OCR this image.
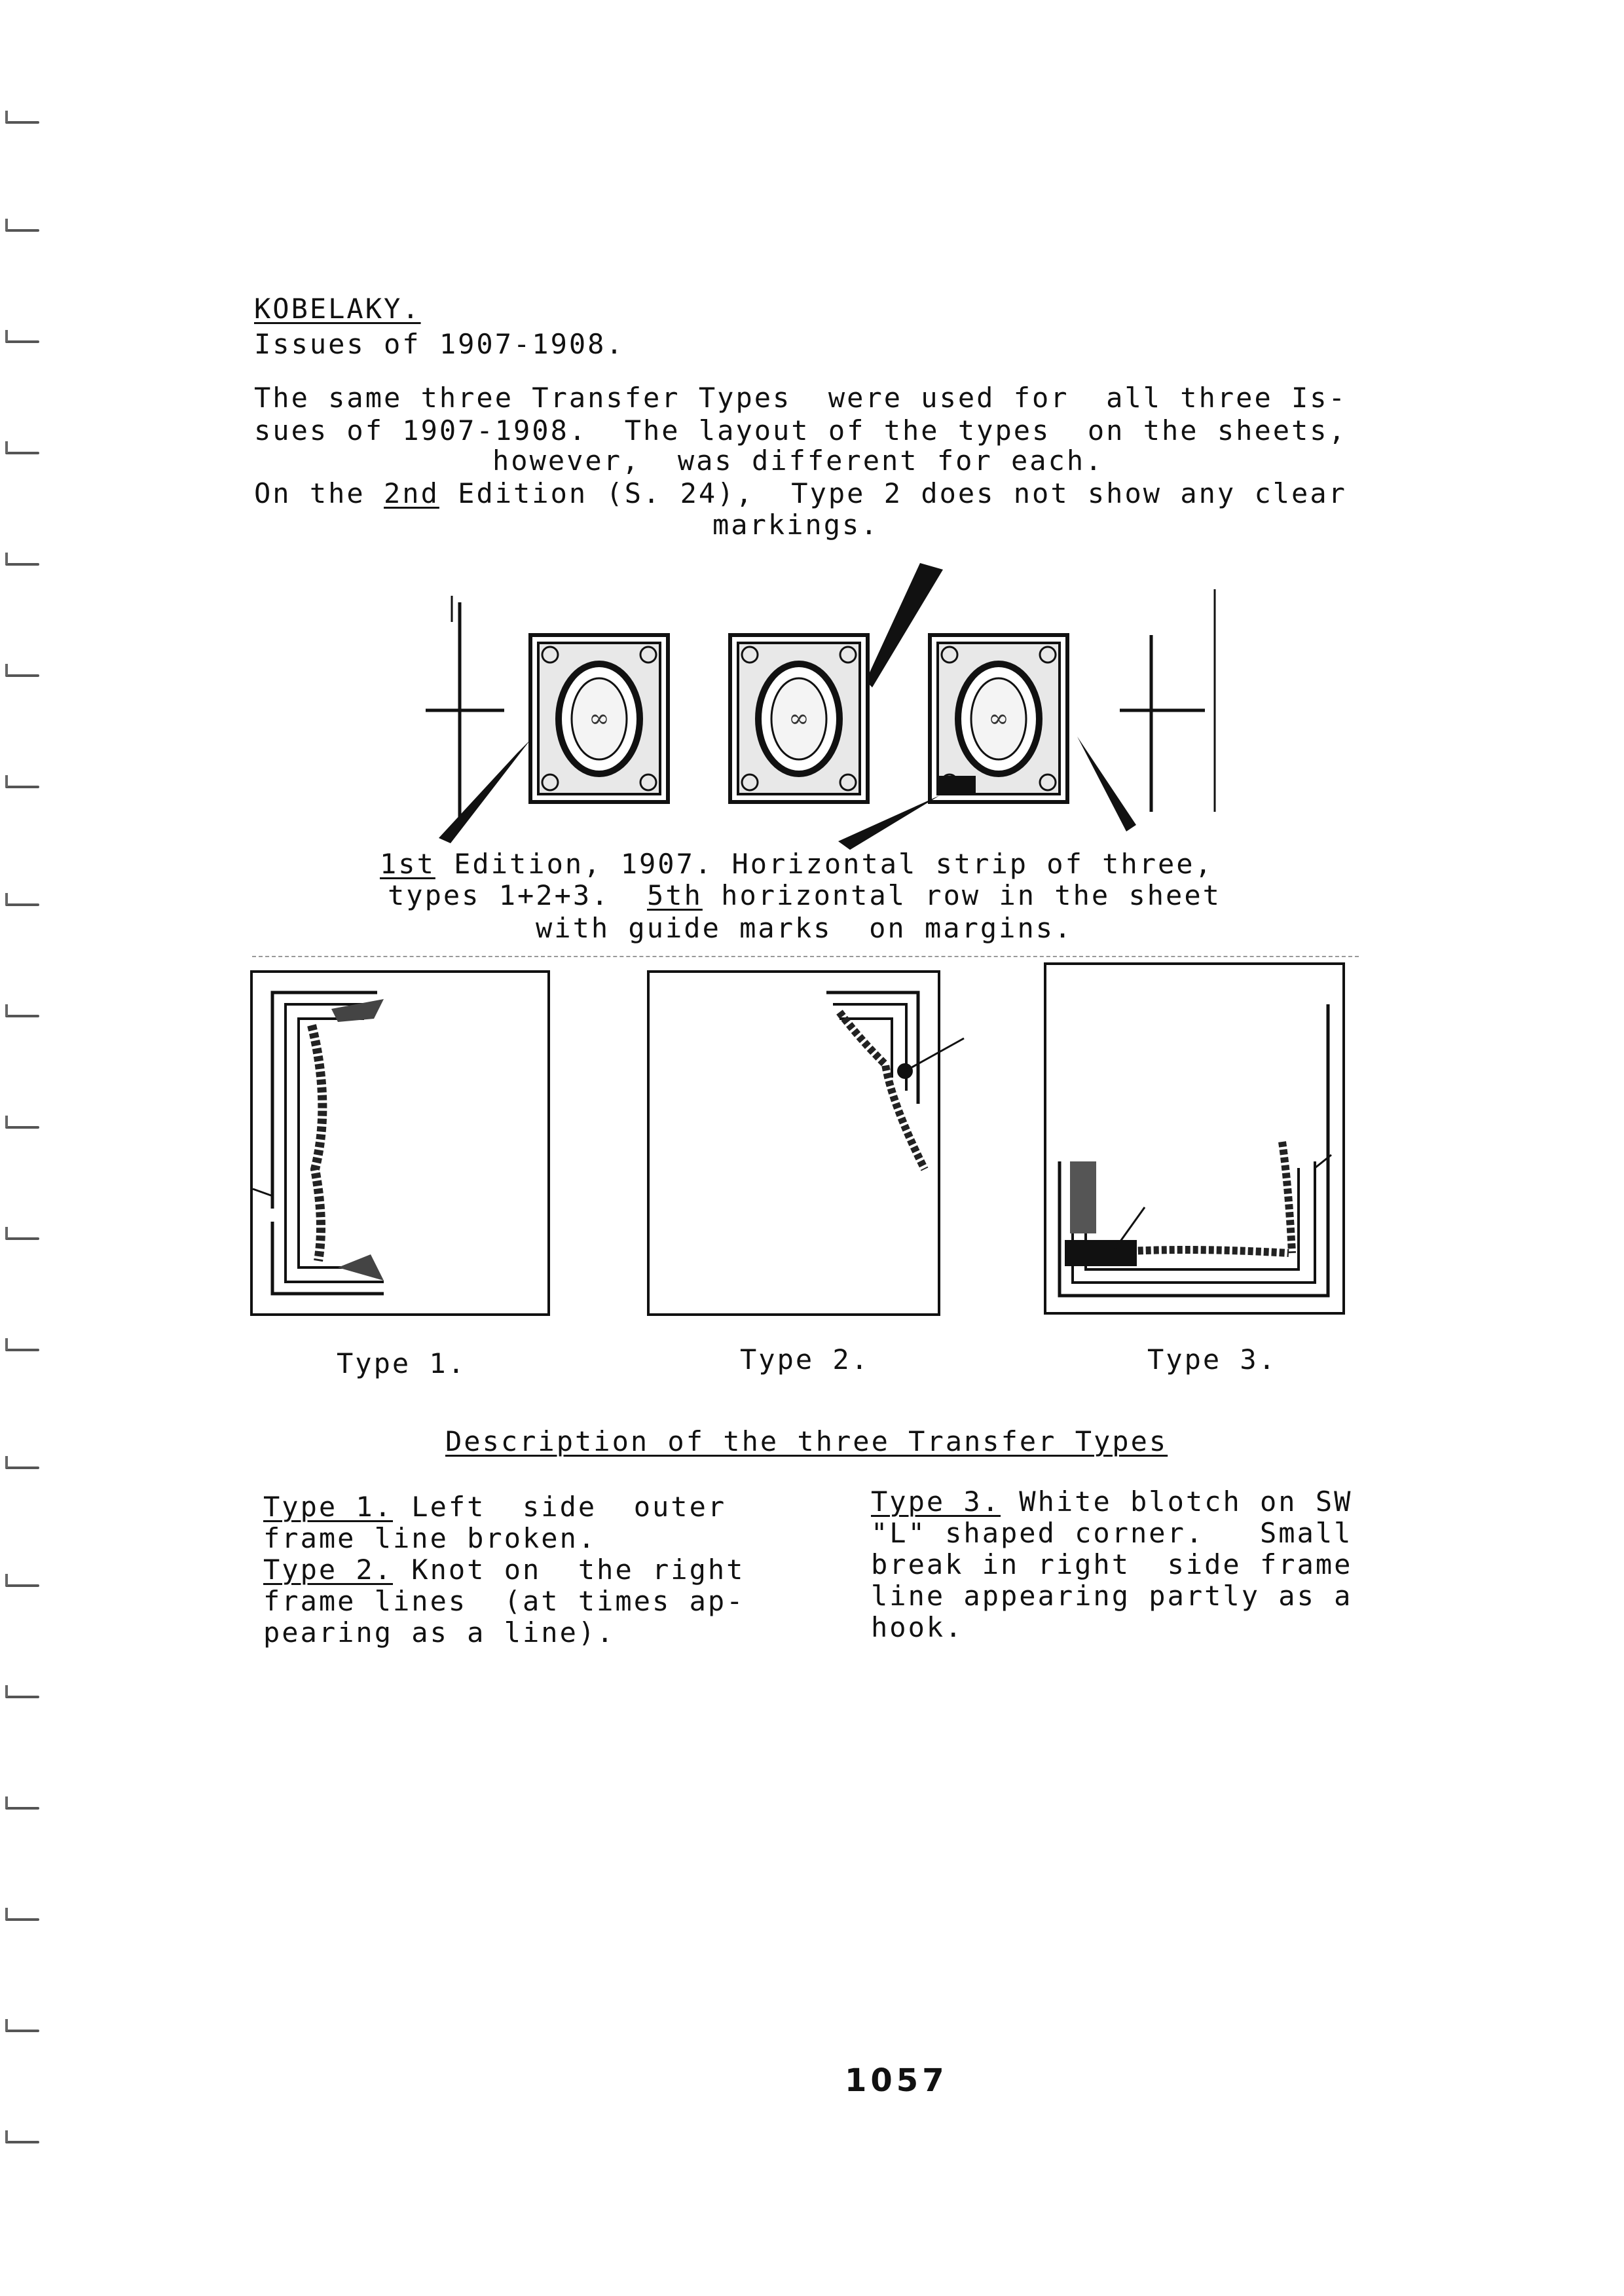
KOBELAKY.
Issues of 1907-1908.
The same three Transfer Types  were used for  all three Is-
sues of 1907-1908.  The layout of the types  on the sheets,
however,  was different for each.
On the 2nd Edition (S. 24),  Type 2 does not show any clear
markings.
∞	∞	∞
1st Edition, 1907. Horizontal strip of three,
types 1+2+3.  5th horizontal row in the sheet
with guide marks  on margins.
Type 1.	Type 2.	Type 3.
Description of the three Transfer Types
Type 1. Left  side  outer
frame line broken.
Type 2. Knot on  the right
frame lines  (at times ap-
pearing as a line).
Type 3. White blotch on SW
"L" shaped corner.   Small
break in right  side frame
line appearing partly as a
hook.
1057
